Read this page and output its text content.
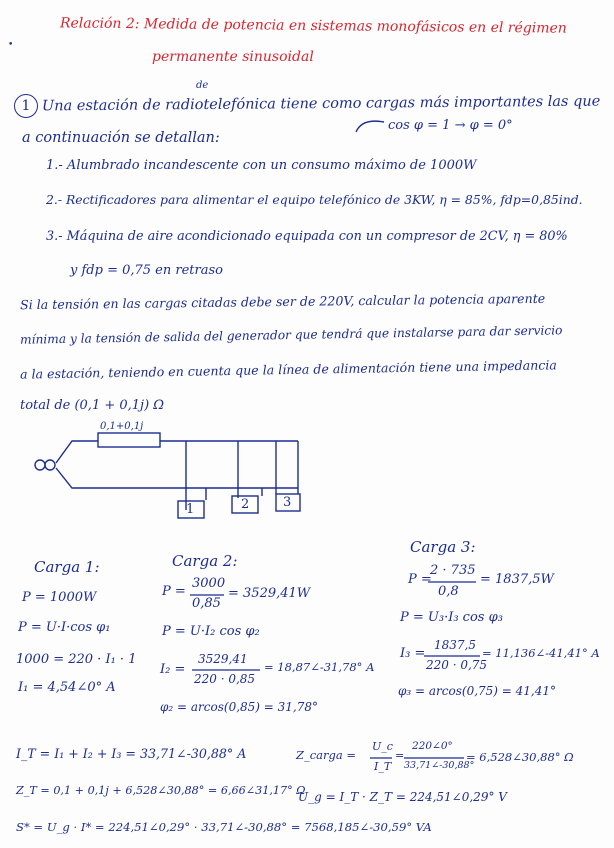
Relación 2: Medida de potencia en sistemas monofásicos en el régimen
permanente sinusoidal
•
1 Una estación de radiotelefónica tiene como cargas más importantes las que
de
a continuación se detallan:
cos φ = 1 → φ = 0°
1.- Alumbrado incandescente con un consumo máximo de 1000W
2.- Rectificadores para alimentar el equipo telefónico de 3KW, η = 85%, fdp=0,85ind.
3.- Máquina de aire acondicionado equipada con un compresor de 2CV, η = 80%
y fdp = 0,75 en retraso
Si la tensión en las cargas citadas debe ser de 220V, calcular la potencia aparente
mínima y la tensión de salida del generador que tendrá que instalarse para dar servicio
a la estación, teniendo en cuenta que la línea de alimentación tiene una impedancia
total de (0,1 + 0,1j) Ω
0,1+0,1j
1	2	3
Carga 1:
P = 1000W
P = U·I·cos φ₁
1000 = 220 · I₁ · 1
I₁ = 4,54∠0° A
Carga 2:
P =
3000
0,85
= 3529,41W
P = U·I₂ cos φ₂
I₂ =
3529,41
220 · 0,85
= 18,87∠-31,78° A
φ₂ = arcos(0,85) = 31,78°
Carga 3:
P =
2 · 735
0,8
= 1837,5W
P = U₃·I₃ cos φ₃
I₃ =
1837,5
220 · 0,75
= 11,136∠-41,41° A
φ₃ = arcos(0,75) = 41,41°
I_T = I₁ + I₂ + I₃ = 33,71∠-30,88° A	Z_carga =
U_c
I_T
=
220∠0°
33,71∠-30,88°
= 6,528∠30,88° Ω
Z_T = 0,1 + 0,1j + 6,528∠30,88° = 6,66∠31,17° Ω
U_g = I_T · Z_T = 224,51∠0,29° V
S* = U_g · I* = 224,51∠0,29° · 33,71∠-30,88° = 7568,185∠-30,59° VA
